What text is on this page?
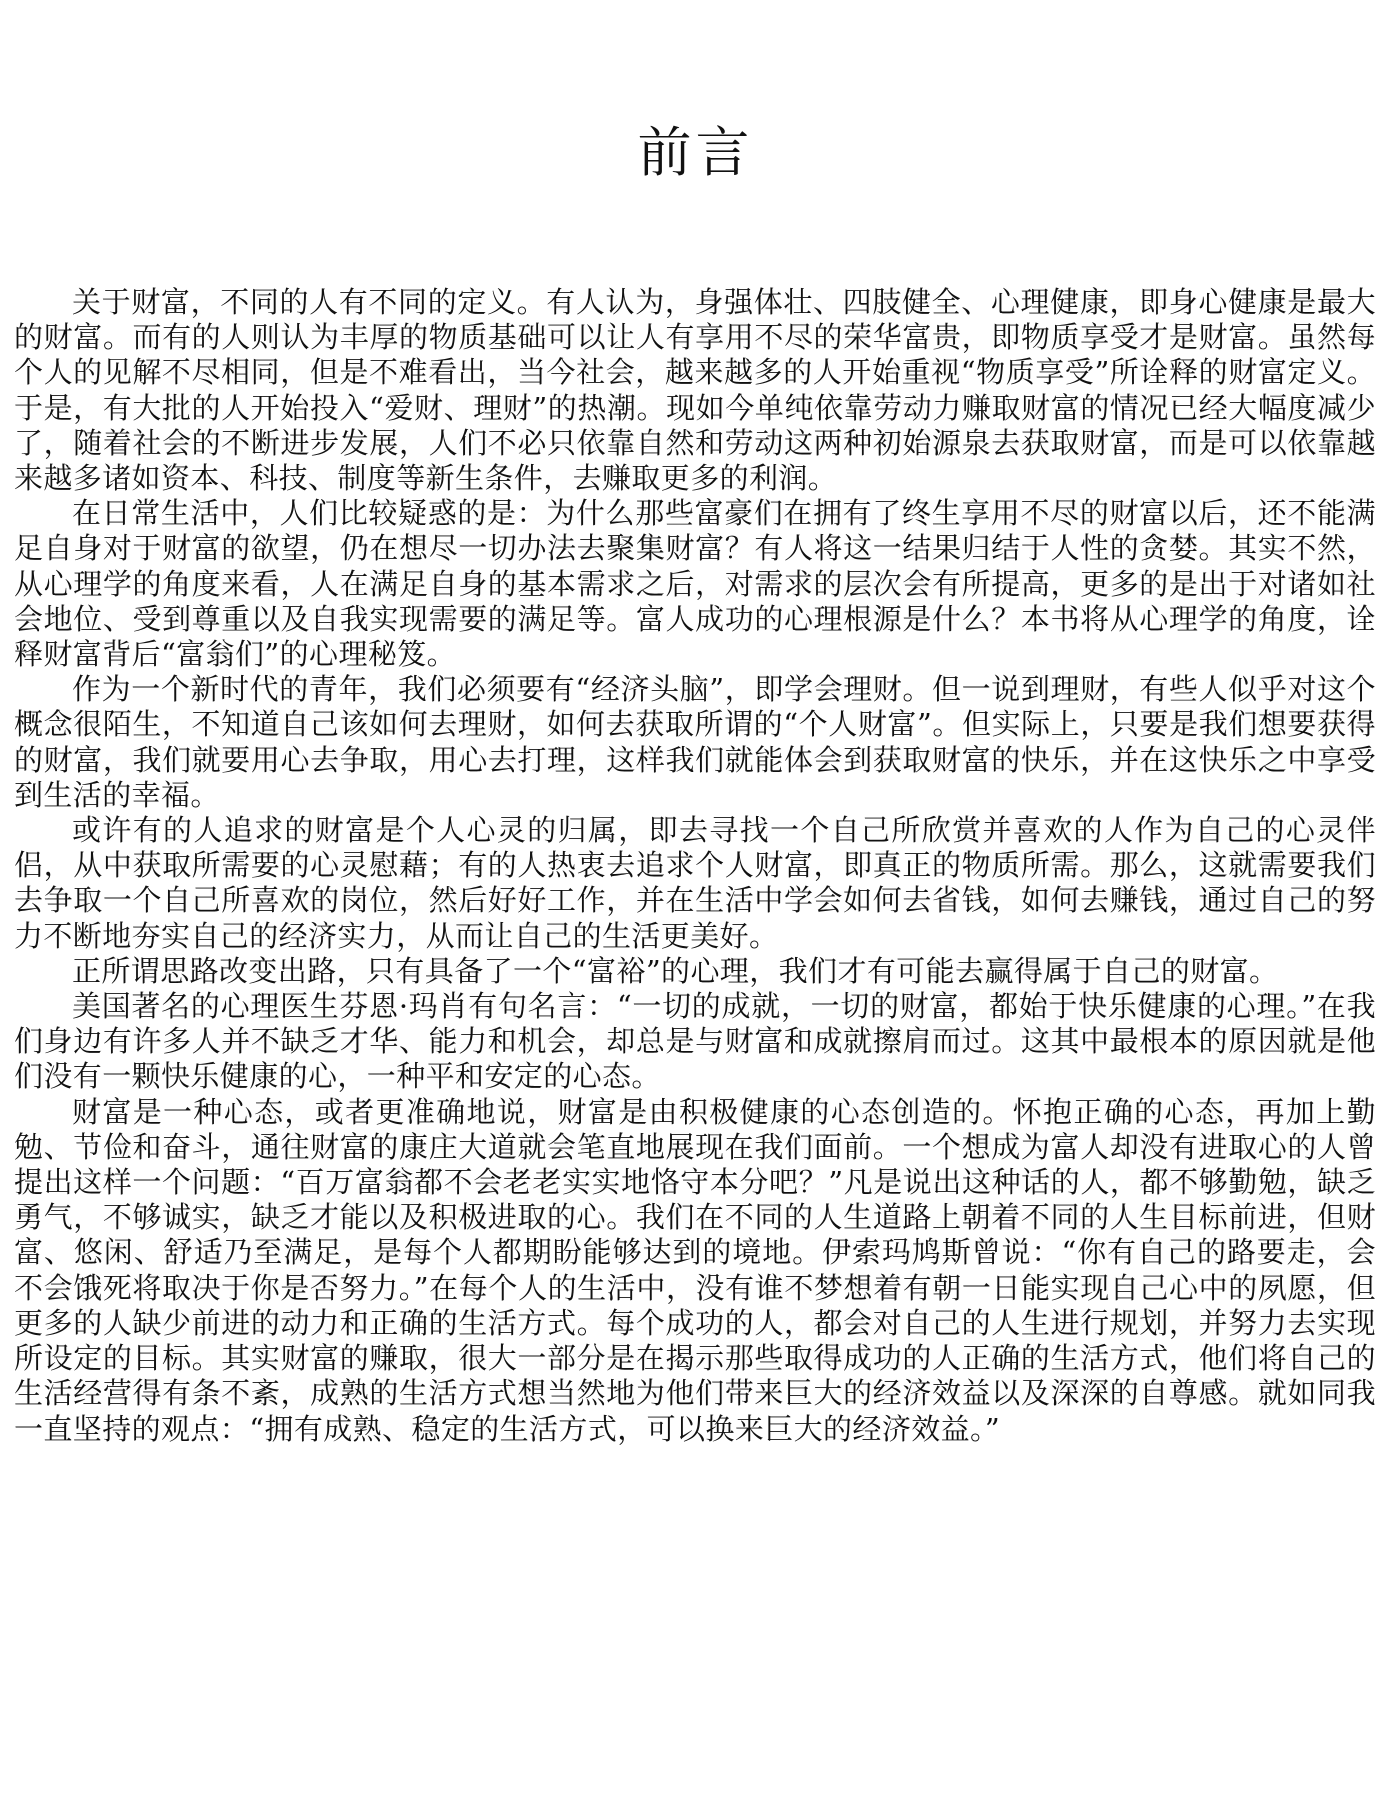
前言

关于财富，不同的人有不同的定义。有人认为，身强体壮、四肢健全、心理健康，即身心健康是最大的财富。而有的人则认为丰厚的物质基础可以让人有享用不尽的荣华富贵，即物质享受才是财富。虽然每个人的见解不尽相同，但是不难看出，当今社会，越来越多的人开始重视“物质享受”所诠释的财富定义。于是，有大批的人开始投入“爱财、理财”的热潮。现如今单纯依靠劳动力赚取财富的情况已经大幅度减少了，随着社会的不断进步发展，人们不必只依靠自然和劳动这两种初始源泉去获取财富，而是可以依靠越来越多诸如资本、科技、制度等新生条件，去赚取更多的利润。

在日常生活中，人们比较疑惑的是：为什么那些富豪们在拥有了终生享用不尽的财富以后，还不能满足自身对于财富的欲望，仍在想尽一切办法去聚集财富？有人将这一结果归结于人性的贪婪。其实不然，从心理学的角度来看，人在满足自身的基本需求之后，对需求的层次会有所提高，更多的是出于对诸如社会地位、受到尊重以及自我实现需要的满足等。富人成功的心理根源是什么？本书将从心理学的角度，诠释财富背后“富翁们”的心理秘笈。

作为一个新时代的青年，我们必须要有“经济头脑”，即学会理财。但一说到理财，有些人似乎对这个概念很陌生，不知道自己该如何去理财，如何去获取所谓的“个人财富”。但实际上，只要是我们想要获得的财富，我们就要用心去争取，用心去打理，这样我们就能体会到获取财富的快乐，并在这快乐之中享受到生活的幸福。

或许有的人追求的财富是个人心灵的归属，即去寻找一个自己所欣赏并喜欢的人作为自己的心灵伴侣，从中获取所需要的心灵慰藉；有的人热衷去追求个人财富，即真正的物质所需。那么，这就需要我们去争取一个自己所喜欢的岗位，然后好好工作，并在生活中学会如何去省钱，如何去赚钱，通过自己的努力不断地夯实自己的经济实力，从而让自己的生活更美好。

正所谓思路改变出路，只有具备了一个“富裕”的心理，我们才有可能去赢得属于自己的财富。

美国著名的心理医生芬恩·玛肖有句名言：“一切的成就，一切的财富，都始于快乐健康的心理。”在我们身边有许多人并不缺乏才华、能力和机会，却总是与财富和成就擦肩而过。这其中最根本的原因就是他们没有一颗快乐健康的心，一种平和安定的心态。

财富是一种心态，或者更准确地说，财富是由积极健康的心态创造的。怀抱正确的心态，再加上勤勉、节俭和奋斗，通往财富的康庄大道就会笔直地展现在我们面前。一个想成为富人却没有进取心的人曾提出这样一个问题：“百万富翁都不会老老实实地恪守本分吧？”凡是说出这种话的人，都不够勤勉，缺乏勇气，不够诚实，缺乏才能以及积极进取的心。我们在不同的人生道路上朝着不同的人生目标前进，但财富、悠闲、舒适乃至满足，是每个人都期盼能够达到的境地。伊索玛鸠斯曾说：“你有自己的路要走，会不会饿死将取决于你是否努力。”在每个人的生活中，没有谁不梦想着有朝一日能实现自己心中的夙愿，但更多的人缺少前进的动力和正确的生活方式。每个成功的人，都会对自己的人生进行规划，并努力去实现所设定的目标。其实财富的赚取，很大一部分是在揭示那些取得成功的人正确的生活方式，他们将自己的生活经营得有条不紊，成熟的生活方式想当然地为他们带来巨大的经济效益以及深深的自尊感。就如同我一直坚持的观点：“拥有成熟、稳定的生活方式，可以换来巨大的经济效益。”
